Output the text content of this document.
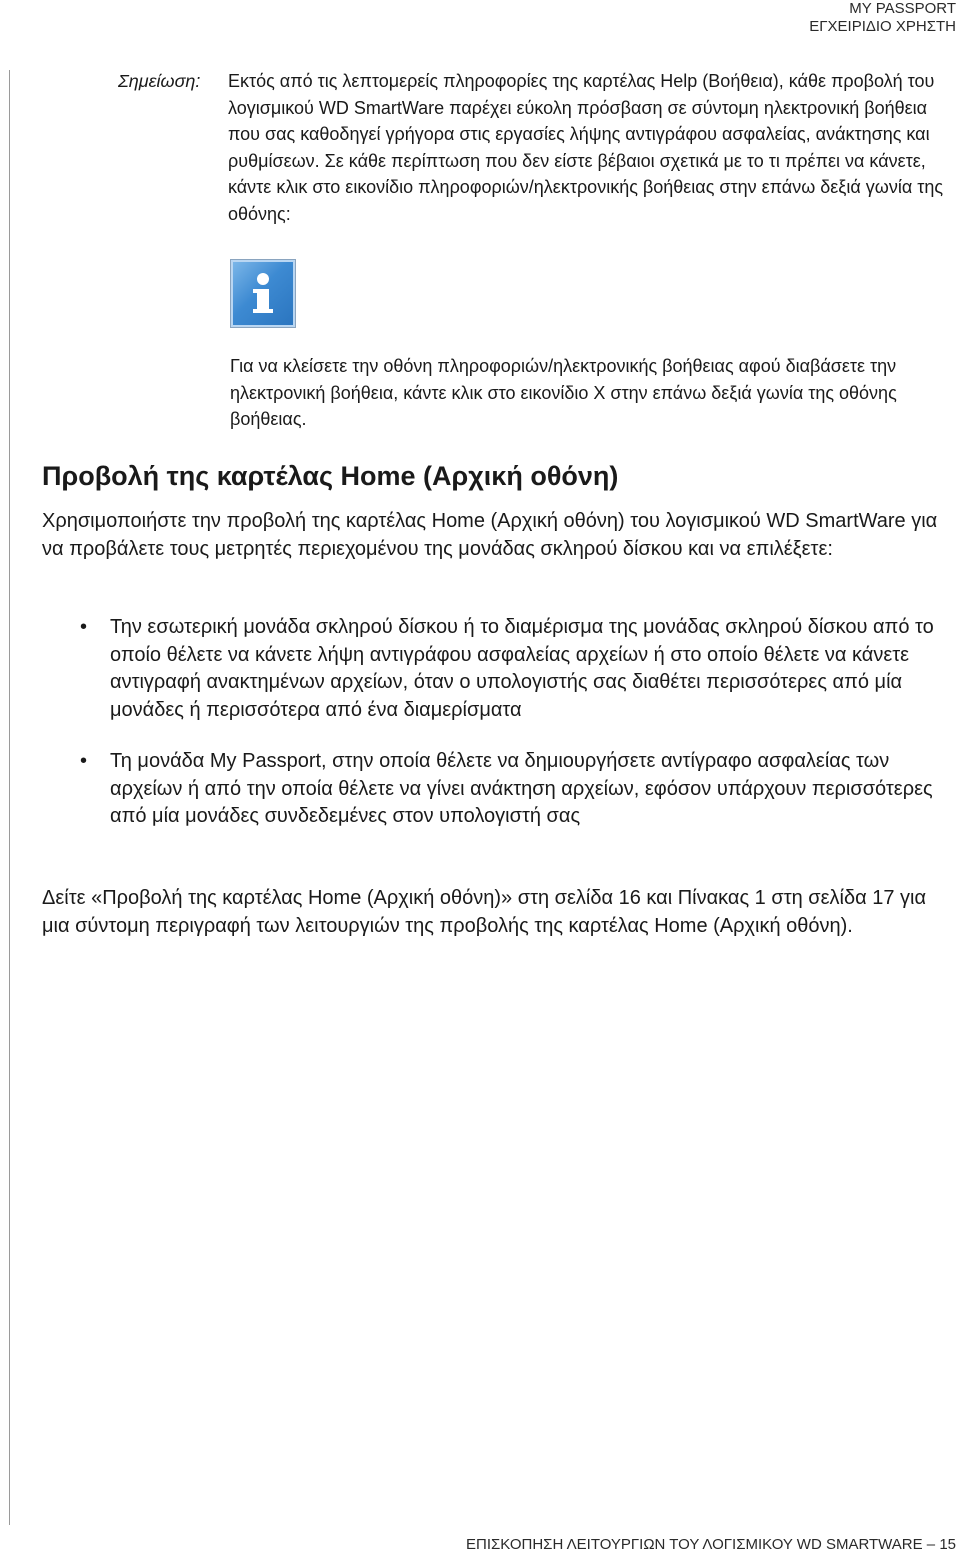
MY PASSPORT
ΕΓΧΕΙΡΙΔΙΟ ΧΡΗΣΤΗ
Σημείωση: Εκτός από τις λεπτομερείς πληροφορίες της καρτέλας Help (Βοήθεια), κάθε προβολή του λογισμικού WD SmartWare παρέχει εύκολη πρόσβαση σε σύντομη ηλεκτρονική βοήθεια που σας καθοδηγεί γρήγορα στις εργασίες λήψης αντιγράφου ασφαλείας, ανάκτησης και ρυθμίσεων. Σε κάθε περίπτωση που δεν είστε βέβαιοι σχετικά με το τι πρέπει να κάνετε, κάντε κλικ στο εικονίδιο πληροφοριών/ηλεκτρονικής βοήθειας στην επάνω δεξιά γωνία της οθόνης:

Για να κλείσετε την οθόνη πληροφοριών/ηλεκτρονικής βοήθειας αφού διαβάσετε την ηλεκτρονική βοήθεια, κάντε κλικ στο εικονίδιο X στην επάνω δεξιά γωνία της οθόνης βοήθειας.

Προβολή της καρτέλας Home (Αρχική οθόνη)

Χρησιμοποιήστε την προβολή της καρτέλας Home (Αρχική οθόνη) του λογισμικού WD SmartWare για να προβάλετε τους μετρητές περιεχομένου της μονάδας σκληρού δίσκου και να επιλέξετε:

• Την εσωτερική μονάδα σκληρού δίσκου ή το διαμέρισμα της μονάδας σκληρού δίσκου από το οποίο θέλετε να κάνετε λήψη αντιγράφου ασφαλείας αρχείων ή στο οποίο θέλετε να κάνετε αντιγραφή ανακτημένων αρχείων, όταν ο υπολογιστής σας διαθέτει περισσότερες από μία μονάδες ή περισσότερα από ένα διαμερίσματα
• Τη μονάδα My Passport, στην οποία θέλετε να δημιουργήσετε αντίγραφο ασφαλείας των αρχείων ή από την οποία θέλετε να γίνει ανάκτηση αρχείων, εφόσον υπάρχουν περισσότερες από μία μονάδες συνδεδεμένες στον υπολογιστή σας

Δείτε «Προβολή της καρτέλας Home (Αρχική οθόνη)» στη σελίδα 16 και Πίνακας 1 στη σελίδα 17 για μια σύντομη περιγραφή των λειτουργιών της προβολής της καρτέλας Home (Αρχική οθόνη).

ΕΠΙΣΚΟΠΗΣΗ ΛΕΙΤΟΥΡΓΙΩΝ ΤΟΥ ΛΟΓΙΣΜΙΚΟΥ WD SMARTWARE – 15
